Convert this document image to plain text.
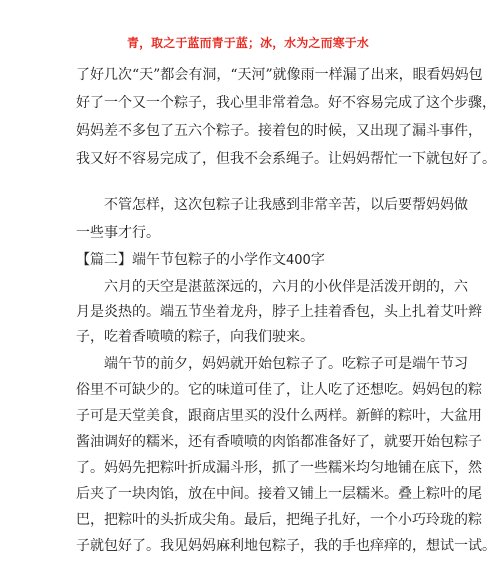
青，取之于蓝而青于蓝；冰，水为之而寒于水
了好几次“天”都会有洞，“天河”就像雨一样漏了出来，眼看妈妈包
好了一个又一个粽子，我心里非常着急。好不容易完成了这个步骤，
妈妈差不多包了五六个粽子。接着包的时候，又出现了漏斗事件，
我又好不容易完成了，但我不会系绳子。让妈妈帮忙一下就包好了。
不管怎样，这次包粽子让我感到非常辛苦，以后要帮妈妈做
一些事才行。
【篇二】端午节包粽子的小学作文400字
六月的天空是湛蓝深远的，六月的小伙伴是活泼开朗的，六
月是炎热的。端五节坐着龙舟，脖子上挂着香包，头上扎着艾叶辫
子，吃着香喷喷的粽子，向我们驶来。
端午节的前夕，妈妈就开始包粽子了。吃粽子可是端午节习
俗里不可缺少的。它的味道可佳了，让人吃了还想吃。妈妈包的粽
子可是天堂美食，跟商店里买的没什么两样。新鲜的粽叶，大盆用
酱油调好的糯米，还有香喷喷的肉馅都准备好了，就要开始包粽子
了。妈妈先把粽叶折成漏斗形，抓了一些糯米均匀地铺在底下，然
后夹了一块肉馅，放在中间。接着又铺上一层糯米。叠上粽叶的尾
巴，把粽叶的头折成尖角。最后，把绳子扎好，一个小巧玲珑的粽
子就包好了。我见妈妈麻利地包粽子，我的手也痒痒的，想试一试。
